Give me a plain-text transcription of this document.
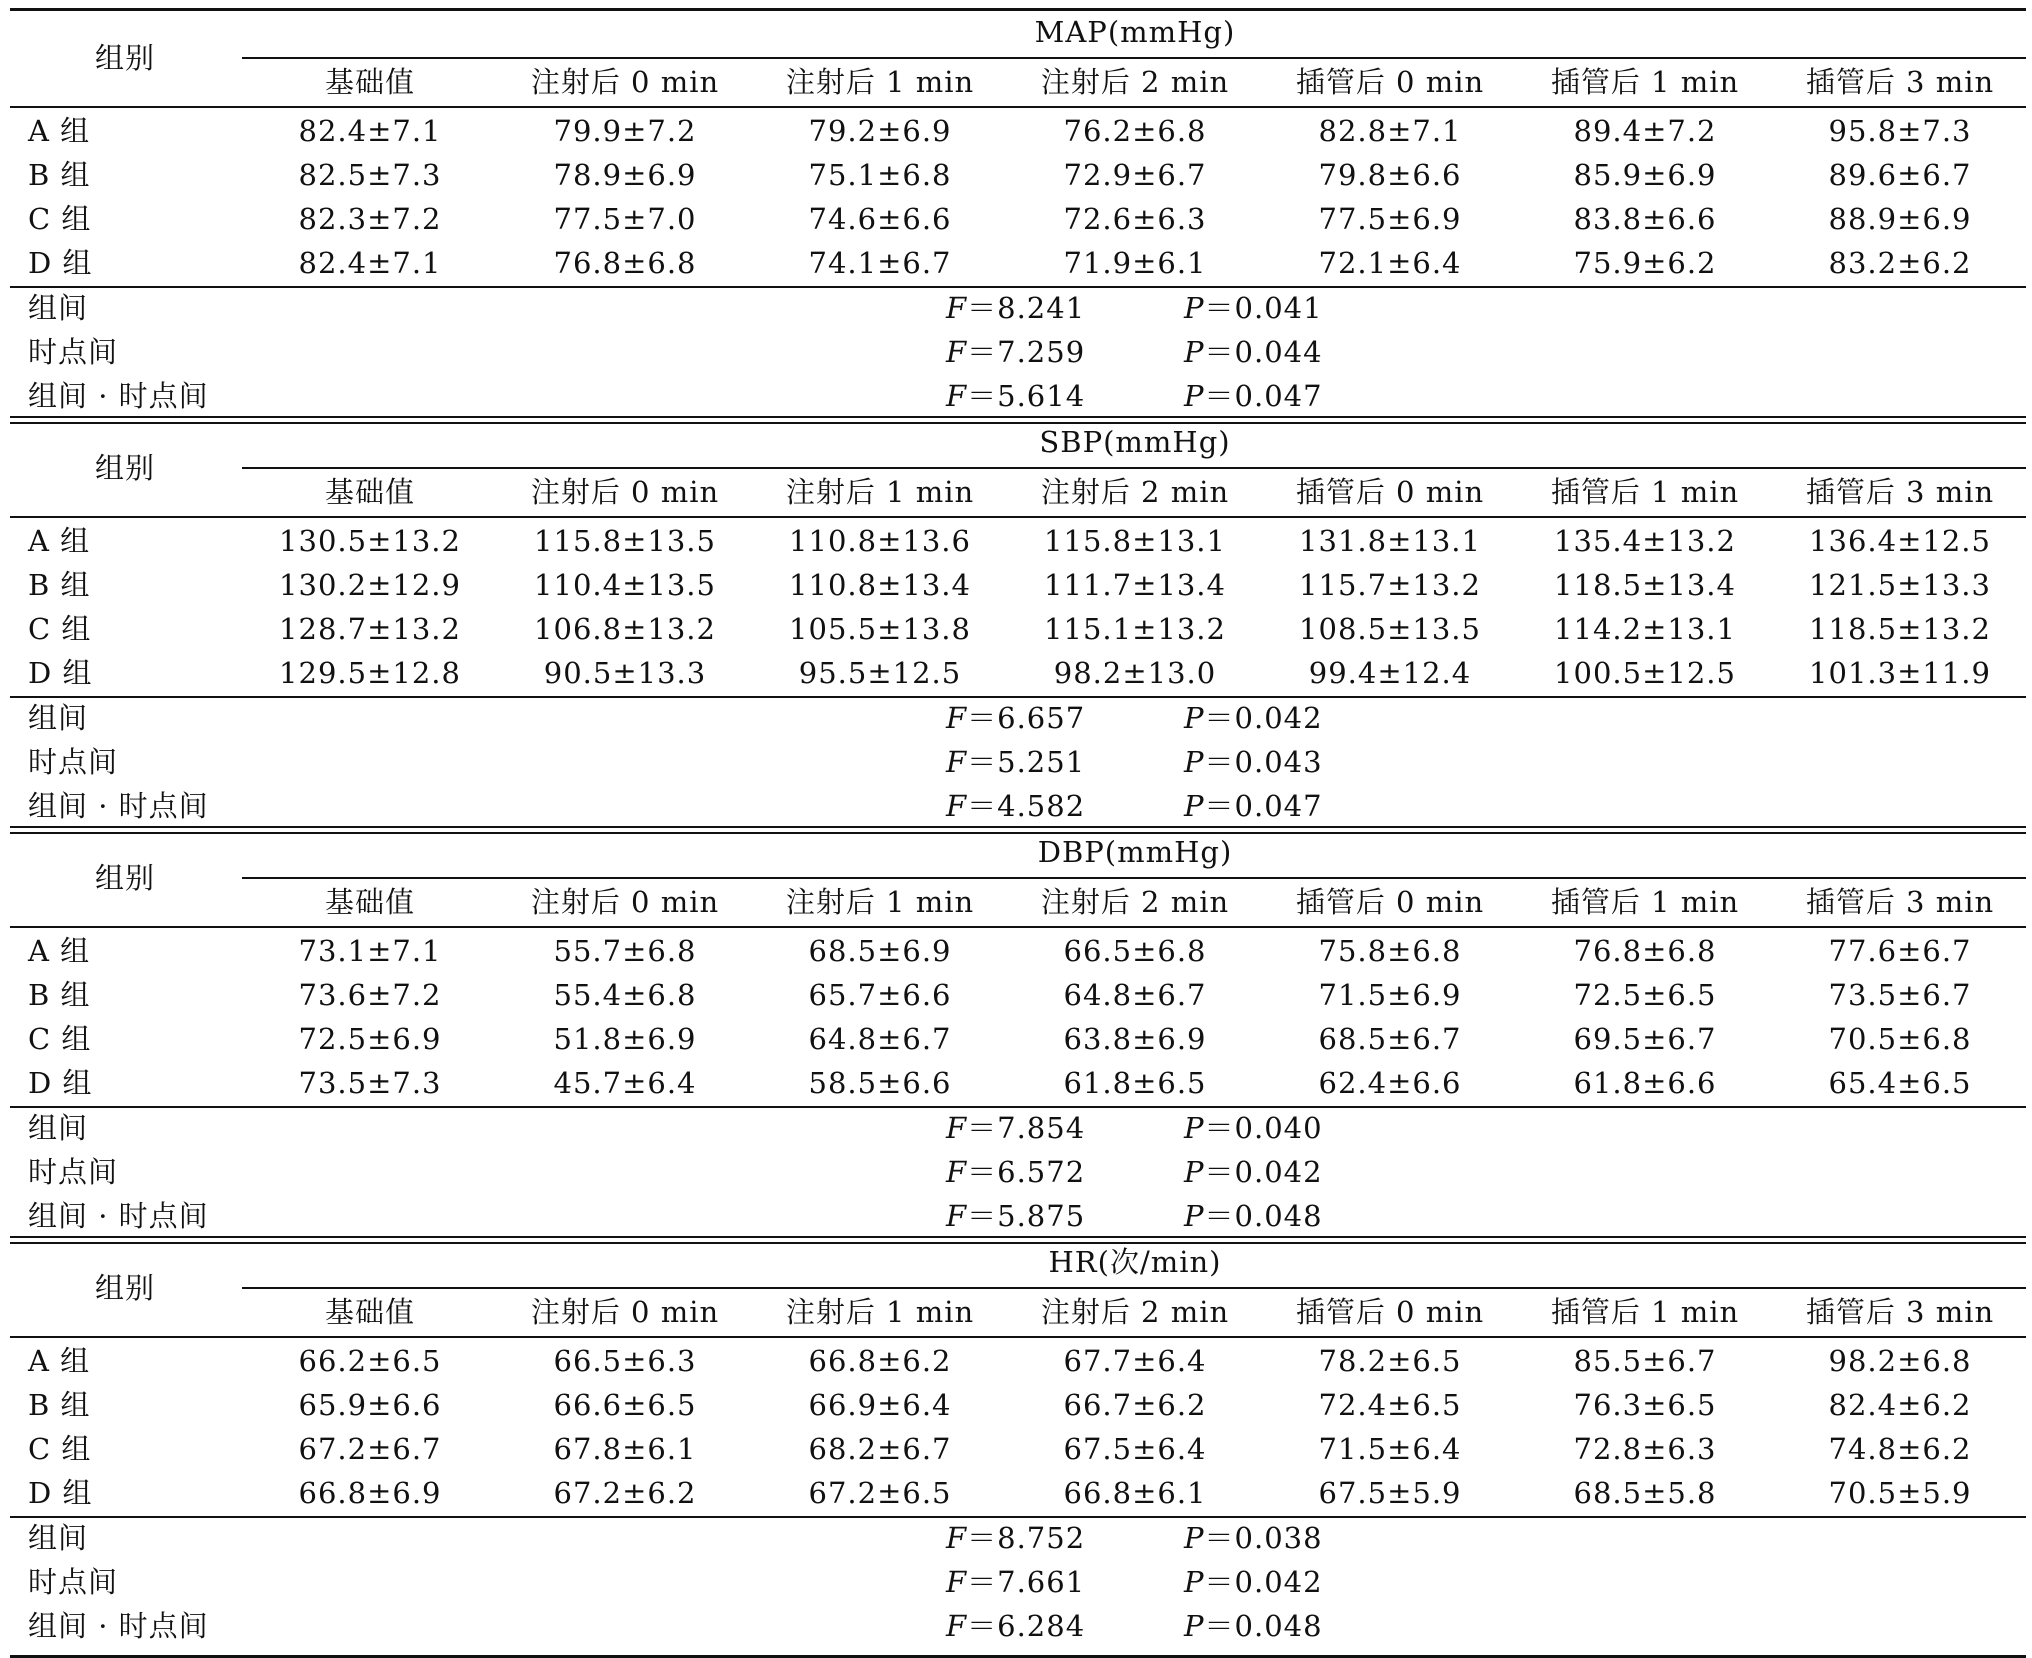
组别
MAP(mmHg)
基础值	注射后 0 min	注射后 1 min	注射后 2 min	插管后 0 min	插管后 1 min	插管后 3 min
A 组	82.4±7.1	79.9±7.2	79.2±6.9	76.2±6.8	82.8±7.1	89.4±7.2	95.8±7.3
B 组	82.5±7.3	78.9±6.9	75.1±6.8	72.9±6.7	79.8±6.6	85.9±6.9	89.6±6.7
C 组	82.3±7.2	77.5±7.0	74.6±6.6	72.6±6.3	77.5±6.9	83.8±6.6	88.9±6.9
D 组	82.4±7.1	76.8±6.8	74.1±6.7	71.9±6.1	72.1±6.4	75.9±6.2	83.2±6.2
组间	F＝8.241	P＝0.041
时点间	F＝7.259	P＝0.044
组间 · 时点间	F＝5.614	P＝0.047
组别
SBP(mmHg)
基础值	注射后 0 min	注射后 1 min	注射后 2 min	插管后 0 min	插管后 1 min	插管后 3 min
A 组	130.5±13.2	115.8±13.5	110.8±13.6	115.8±13.1	131.8±13.1	135.4±13.2	136.4±12.5
B 组	130.2±12.9	110.4±13.5	110.8±13.4	111.7±13.4	115.7±13.2	118.5±13.4	121.5±13.3
C 组	128.7±13.2	106.8±13.2	105.5±13.8	115.1±13.2	108.5±13.5	114.2±13.1	118.5±13.2
D 组	129.5±12.8	90.5±13.3	95.5±12.5	98.2±13.0	99.4±12.4	100.5±12.5	101.3±11.9
组间	F＝6.657	P＝0.042
时点间	F＝5.251	P＝0.043
组间 · 时点间	F＝4.582	P＝0.047
组别
DBP(mmHg)
基础值	注射后 0 min	注射后 1 min	注射后 2 min	插管后 0 min	插管后 1 min	插管后 3 min
A 组	73.1±7.1	55.7±6.8	68.5±6.9	66.5±6.8	75.8±6.8	76.8±6.8	77.6±6.7
B 组	73.6±7.2	55.4±6.8	65.7±6.6	64.8±6.7	71.5±6.9	72.5±6.5	73.5±6.7
C 组	72.5±6.9	51.8±6.9	64.8±6.7	63.8±6.9	68.5±6.7	69.5±6.7	70.5±6.8
D 组	73.5±7.3	45.7±6.4	58.5±6.6	61.8±6.5	62.4±6.6	61.8±6.6	65.4±6.5
组间	F＝7.854	P＝0.040
时点间	F＝6.572	P＝0.042
组间 · 时点间	F＝5.875	P＝0.048
组别
HR(次/min)
基础值	注射后 0 min	注射后 1 min	注射后 2 min	插管后 0 min	插管后 1 min	插管后 3 min
A 组	66.2±6.5	66.5±6.3	66.8±6.2	67.7±6.4	78.2±6.5	85.5±6.7	98.2±6.8
B 组	65.9±6.6	66.6±6.5	66.9±6.4	66.7±6.2	72.4±6.5	76.3±6.5	82.4±6.2
C 组	67.2±6.7	67.8±6.1	68.2±6.7	67.5±6.4	71.5±6.4	72.8±6.3	74.8±6.2
D 组	66.8±6.9	67.2±6.2	67.2±6.5	66.8±6.1	67.5±5.9	68.5±5.8	70.5±5.9
组间	F＝8.752	P＝0.038
时点间	F＝7.661	P＝0.042
组间 · 时点间	F＝6.284	P＝0.048
